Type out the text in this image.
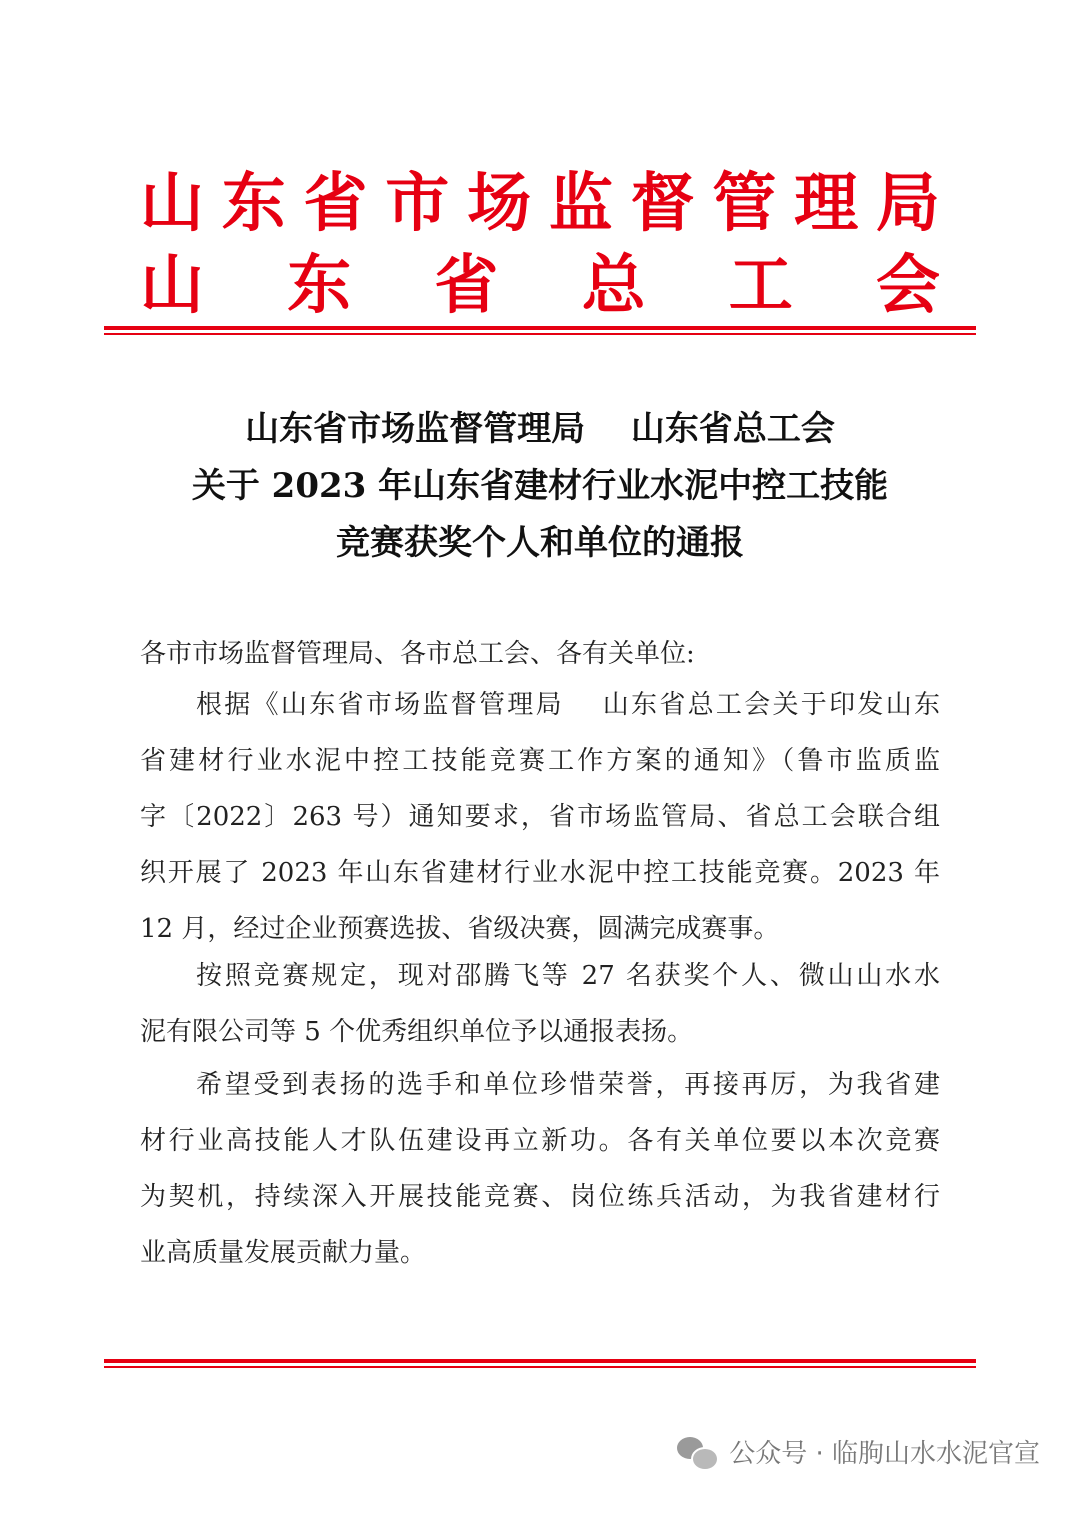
山 东 省 市 场 监 督 管 理 局
山 东 省 总 工 会
山东省市场监督管理局　 山东省总工会
关于 2023 年山东省建材行业水泥中控工技能
竞赛获奖个人和单位的通报
各市市场监督管理局、各市总工会、各有关单位:
根据《山东省市场监督管理局　 山东省总工会关于印发山东
省建材行业水泥中控工技能竞赛工作方案的通知》（鲁市监质监
字〔2022〕263 号）通知要求，省市场监管局、省总工会联合组
织开展了 2023 年山东省建材行业水泥中控工技能竞赛。2023 年
12 月，经过企业预赛选拔、省级决赛，圆满完成赛事。
按照竞赛规定，现对邵腾飞等 27 名获奖个人、微山山水水
泥有限公司等 5 个优秀组织单位予以通报表扬。
希望受到表扬的选手和单位珍惜荣誉，再接再厉，为我省建
材行业高技能人才队伍建设再立新功。各有关单位要以本次竞赛
为契机，持续深入开展技能竞赛、岗位练兵活动，为我省建材行
业高质量发展贡献力量。
公众号 · 临朐山水水泥官宣
